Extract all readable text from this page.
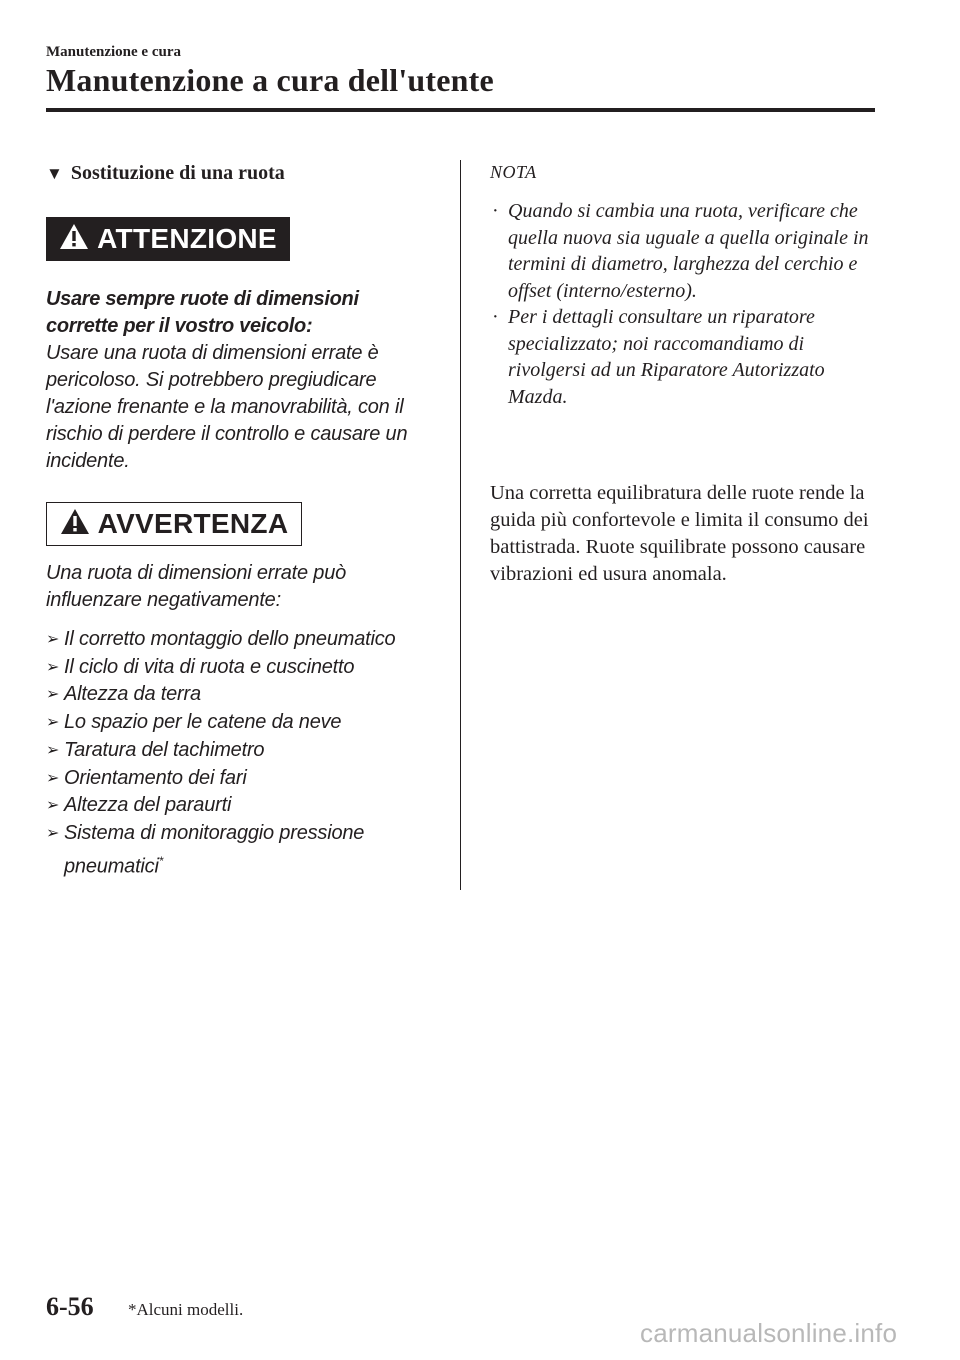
Manutenzione e cura
Manutenzione a cura dell'utente
▼ Sostituzione di una ruota
ATTENZIONE
Usare sempre ruote di dimensioni corrette per il vostro veicolo:
Usare una ruota di dimensioni errate è pericoloso. Si potrebbero pregiudicare l'azione frenante e la manovrabilità, con il rischio di perdere il controllo e causare un incidente.
AVVERTENZA
Una ruota di dimensioni errate può influenzare negativamente:
➢ Il corretto montaggio dello pneumatico
➢ Il ciclo di vita di ruota e cuscinetto
➢ Altezza da terra
➢ Lo spazio per le catene da neve
➢ Taratura del tachimetro
➢ Orientamento dei fari
➢ Altezza del paraurti
➢ Sistema di monitoraggio pressione pneumatici*
NOTA
· Quando si cambia una ruota, verificare che quella nuova sia uguale a quella originale in termini di diametro, larghezza del cerchio e offset (interno/esterno).
· Per i dettagli consultare un riparatore specializzato; noi raccomandiamo di rivolgersi ad un Riparatore Autorizzato Mazda.
Una corretta equilibratura delle ruote rende la guida più confortevole e limita il consumo dei battistrada. Ruote squilibrate possono causare vibrazioni ed usura anomala.
6-56 *Alcuni modelli.
carmanualsonline.info
